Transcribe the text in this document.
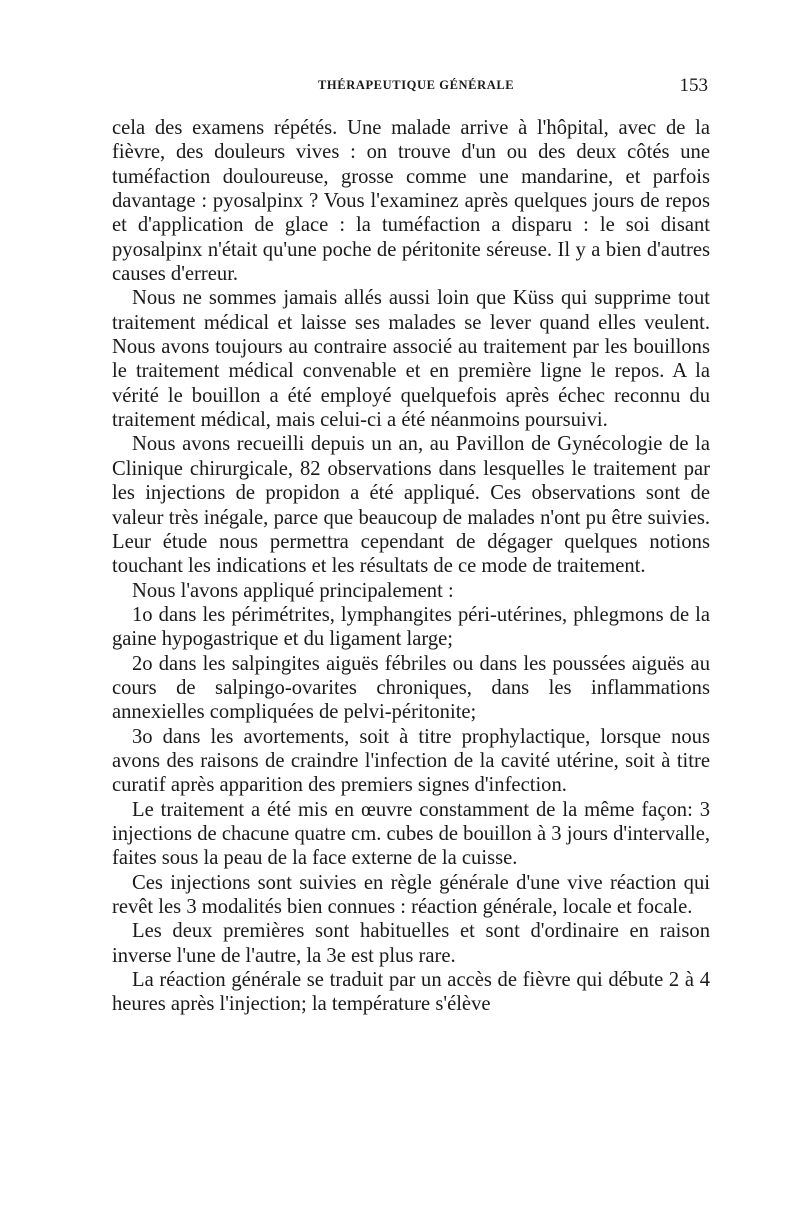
THÉRAPEUTIQUE GÉNÉRALE	153

cela des examens répétés. Une malade arrive à l'hôpital, avec de la fièvre, des douleurs vives : on trouve d'un ou des deux côtés une tuméfaction douloureuse, grosse comme une mandarine, et parfois davantage : pyosalpinx ? Vous l'examinez après quelques jours de repos et d'application de glace : la tuméfaction a disparu : le soi disant pyosalpinx n'était qu'une poche de péritonite séreuse. Il y a bien d'autres causes d'erreur.

Nous ne sommes jamais allés aussi loin que Küss qui supprime tout traitement médical et laisse ses malades se lever quand elles veulent. Nous avons toujours au contraire associé au traitement par les bouillons le traitement médical convenable et en première ligne le repos. A la vérité le bouillon a été employé quelquefois après échec reconnu du traitement médical, mais celui-ci a été néanmoins poursuivi.

Nous avons recueilli depuis un an, au Pavillon de Gynécologie de la Clinique chirurgicale, 82 observations dans lesquelles le traitement par les injections de propidon a été appliqué. Ces observations sont de valeur très inégale, parce que beaucoup de malades n'ont pu être suivies. Leur étude nous permettra cependant de dégager quelques notions touchant les indications et les résultats de ce mode de traitement.

Nous l'avons appliqué principalement :

1o dans les périmétrites, lymphangites péri-utérines, phlegmons de la gaine hypogastrique et du ligament large;

2o dans les salpingites aiguës fébriles ou dans les poussées aiguës au cours de salpingo-ovarites chroniques, dans les inflammations annexielles compliquées de pelvi-péritonite;

3o dans les avortements, soit à titre prophylactique, lorsque nous avons des raisons de craindre l'infection de la cavité utérine, soit à titre curatif après apparition des premiers signes d'infection.

Le traitement a été mis en œuvre constamment de la même façon: 3 injections de chacune quatre cm. cubes de bouillon à 3 jours d'intervalle, faites sous la peau de la face externe de la cuisse.

Ces injections sont suivies en règle générale d'une vive réaction qui revêt les 3 modalités bien connues : réaction générale, locale et focale.

Les deux premières sont habituelles et sont d'ordinaire en raison inverse l'une de l'autre, la 3e est plus rare.

La réaction générale se traduit par un accès de fièvre qui débute 2 à 4 heures après l'injection; la température s'élève
